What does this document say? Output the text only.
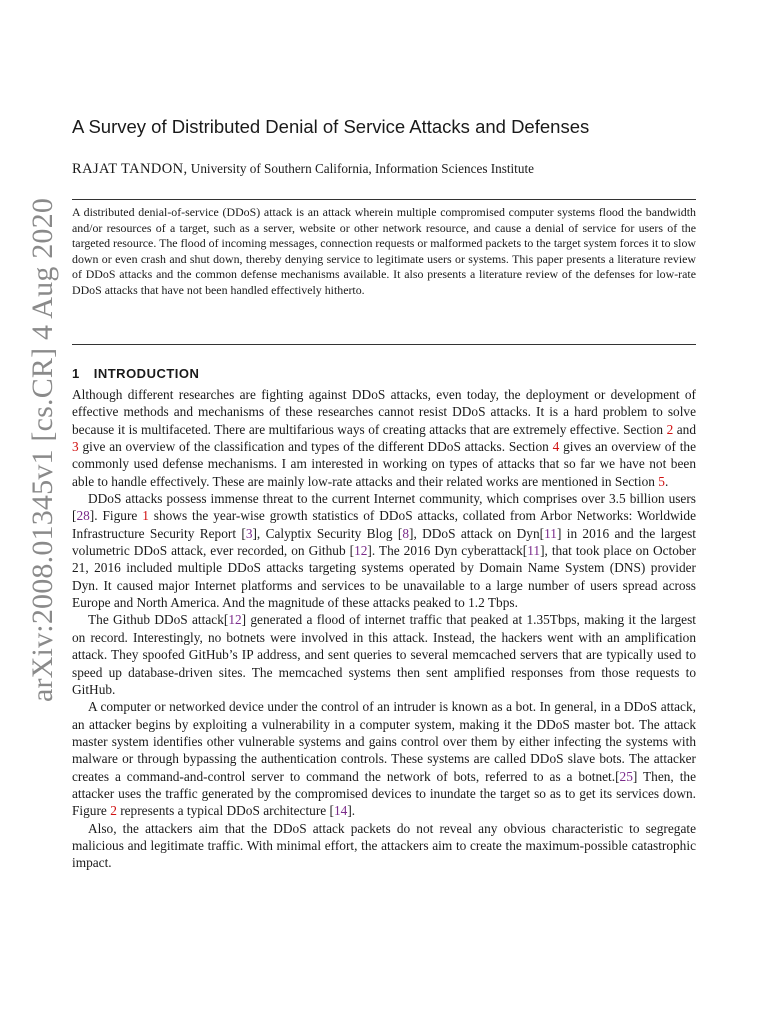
arXiv:2008.01345v1 [cs.CR] 4 Aug 2020
A Survey of Distributed Denial of Service Attacks and Defenses
RAJAT TANDON, University of Southern California, Information Sciences Institute
A distributed denial-of-service (DDoS) attack is an attack wherein multiple compromised computer systems flood the bandwidth and/or resources of a target, such as a server, website or other network resource, and cause a denial of service for users of the targeted resource. The flood of incoming messages, connection requests or malformed packets to the target system forces it to slow down or even crash and shut down, thereby denying service to legitimate users or systems. This paper presents a literature review of DDoS attacks and the common defense mechanisms available. It also presents a literature review of the defenses for low-rate DDoS attacks that have not been handled effectively hitherto.
1 INTRODUCTION

Although different researches are fighting against DDoS attacks, even today, the deployment or development of effective methods and mechanisms of these researches cannot resist DDoS attacks. It is a hard problem to solve because it is multifaceted. There are multifarious ways of creating attacks that are extremely effective. Section 2 and 3 give an overview of the classification and types of the different DDoS attacks. Section 4 gives an overview of the commonly used defense mechanisms. I am interested in working on types of attacks that so far we have not been able to handle effectively. These are mainly low-rate attacks and their related works are mentioned in Section 5.

DDoS attacks possess immense threat to the current Internet community, which comprises over 3.5 billion users [28]. Figure 1 shows the year-wise growth statistics of DDoS attacks, collated from Arbor Networks: Worldwide Infrastructure Security Report [3], Calyptix Security Blog [8], DDoS attack on Dyn[11] in 2016 and the largest volumetric DDoS attack, ever recorded, on Github [12]. The 2016 Dyn cyberattack[11], that took place on October 21, 2016 included multiple DDoS attacks targeting systems operated by Domain Name System (DNS) provider Dyn. It caused major Internet platforms and services to be unavailable to a large number of users spread across Europe and North America. And the magnitude of these attacks peaked to 1.2 Tbps.

The Github DDoS attack[12] generated a flood of internet traffic that peaked at 1.35Tbps, making it the largest on record. Interestingly, no botnets were involved in this attack. Instead, the hackers went with an amplification attack. They spoofed GitHub’s IP address, and sent queries to several memcached servers that are typically used to speed up database-driven sites. The memcached systems then sent amplified responses from those requests to GitHub.

A computer or networked device under the control of an intruder is known as a bot. In general, in a DDoS attack, an attacker begins by exploiting a vulnerability in a computer system, making it the DDoS master bot. The attack master system identifies other vulnerable systems and gains control over them by either infecting the systems with malware or through bypassing the authentication controls. These systems are called DDoS slave bots. The attacker creates a command-and-control server to command the network of bots, referred to as a botnet.[25] Then, the attacker uses the traffic generated by the compromised devices to inundate the target so as to get its services down. Figure 2 represents a typical DDoS architecture [14].

Also, the attackers aim that the DDoS attack packets do not reveal any obvious characteristic to segregate malicious and legitimate traffic. With minimal effort, the attackers aim to create the maximum-possible catastrophic impact.
